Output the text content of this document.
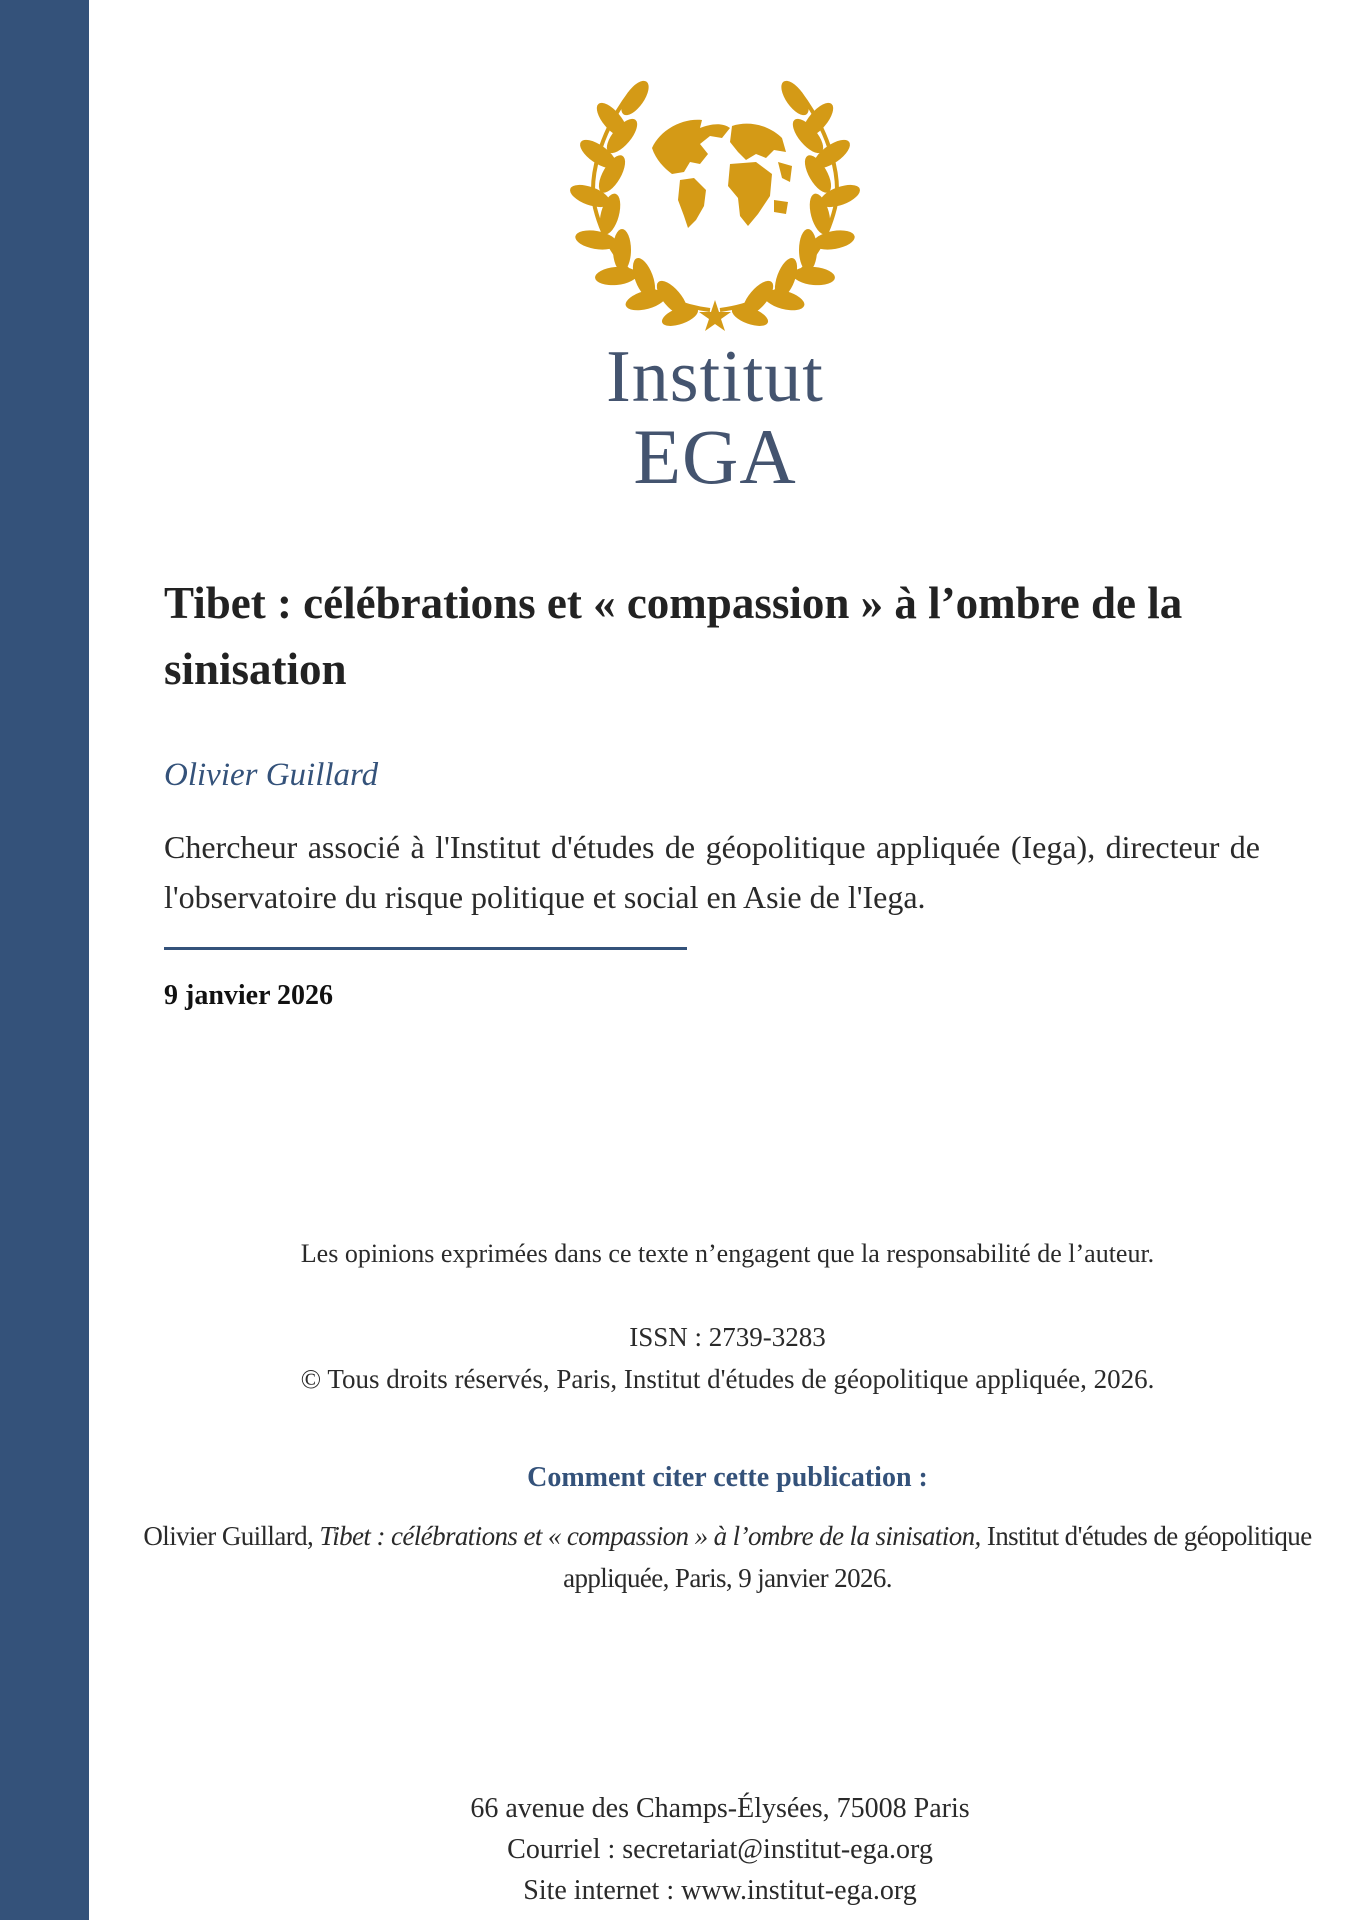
Institut
EGA
Tibet : célébrations et « compassion » à l’ombre de la sinisation
Olivier Guillard
Chercheur associé à l'Institut d'études de géopolitique appliquée (Iega), directeur de l'observatoire du risque politique et social en Asie de l'Iega.
9 janvier 2026
Les opinions exprimées dans ce texte n’engagent que la responsabilité de l’auteur.
ISSN : 2739-3283
© Tous droits réservés, Paris, Institut d'études de géopolitique appliquée, 2026.
Comment citer cette publication :
Olivier Guillard, Tibet : célébrations et « compassion » à l’ombre de la sinisation, Institut d'études de géopolitique appliquée, Paris, 9 janvier 2026.
66 avenue des Champs-Élysées, 75008 Paris
Courriel : secretariat@institut-ega.org
Site internet : www.institut-ega.org
